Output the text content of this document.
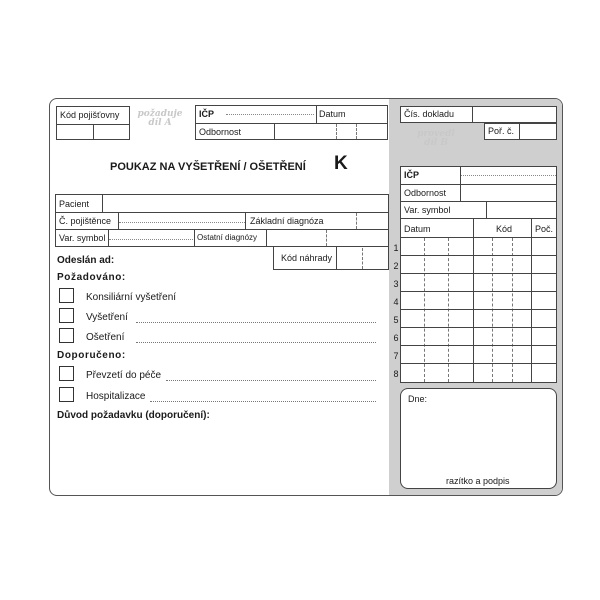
Čís. dokladu
provedl
díl B
Poř. č.
IČP
Odbornost
Var. symbol
Datum	Kód	Poč.
1
2
3
4
5
6
7
8
Dne:
razítko a podpis
Kód pojišťovny	požaduje
díl A
IČP	Datum
Odbornost
POUKAZ NA VYŠETŘENÍ / OŠETŘENÍ K
Pacient
Č. pojištěnce	Základní diagnóza
Var. symbol	Ostatní diagnózy
Kód náhrady
Odeslán ad:
Požadováno:
Konsiliární vyšetření
Vyšetření
Ošetření
Doporučeno:
Převzetí do péče
Hospitalizace
Důvod požadavku (doporučení):
